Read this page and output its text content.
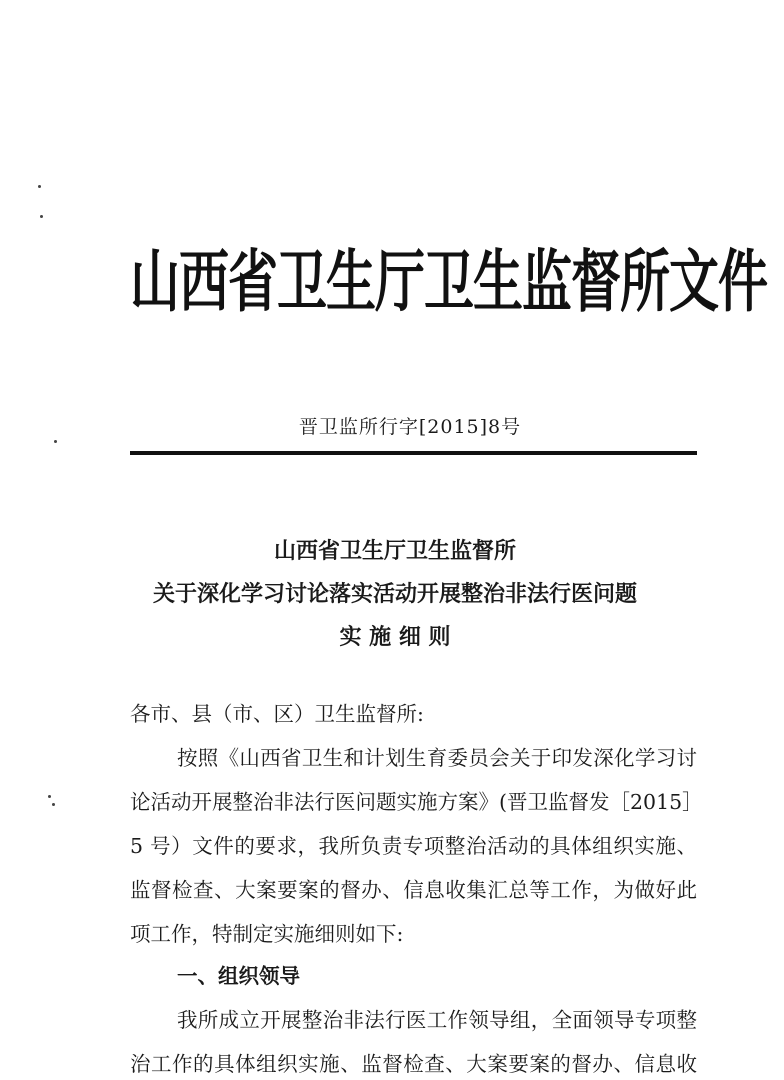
山西省卫生厅卫生监督所文件
晋卫监所行字[2015]8号
山西省卫生厅卫生监督所
关于深化学习讨论落实活动开展整治非法行医问题
实 施 细 则
各市、县（市、区）卫生监督所:
按照《山西省卫生和计划生育委员会关于印发深化学习讨
论活动开展整治非法行医问题实施方案》(晋卫监督发［2015］
5 号）文件的要求，我所负责专项整治活动的具体组织实施、
监督检查、大案要案的督办、信息收集汇总等工作，为做好此
项工作，特制定实施细则如下:
一、组织领导
我所成立开展整治非法行医工作领导组，全面领导专项整
治工作的具体组织实施、监督检查、大案要案的督办、信息收
